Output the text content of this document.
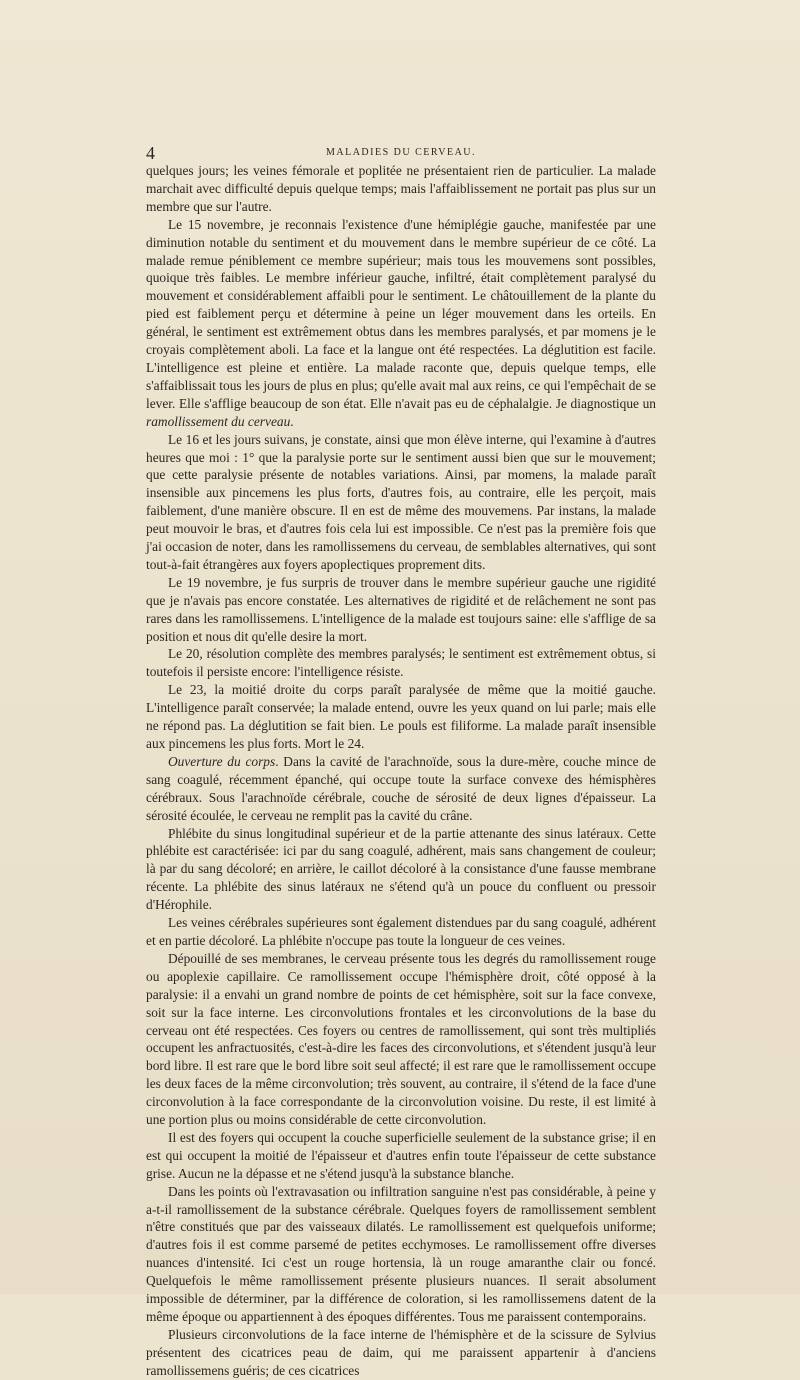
4	MALADIES DU CERVEAU.

quelques jours; les veines fémorale et poplitée ne présentaient rien de particulier. La malade marchait avec difficulté depuis quelque temps; mais l'affaiblissement ne portait pas plus sur un membre que sur l'autre.

Le 15 novembre, je reconnais l'existence d'une hémiplégie gauche, manifestée par une diminution notable du sentiment et du mouvement dans le membre supérieur de ce côté. La malade remue péniblement ce membre supérieur; mais tous les mouvemens sont possibles, quoique très faibles. Le membre inférieur gauche, infiltré, était complètement paralysé du mouvement et considérablement affaibli pour le sentiment. Le châtouillement de la plante du pied est faiblement perçu et détermine à peine un léger mouvement dans les orteils. En général, le sentiment est extrêmement obtus dans les membres paralysés, et par momens je le croyais complètement aboli. La face et la langue ont été respectées. La déglutition est facile. L'intelligence est pleine et entière. La malade raconte que, depuis quelque temps, elle s'affaiblissait tous les jours de plus en plus; qu'elle avait mal aux reins, ce qui l'empêchait de se lever. Elle s'afflige beaucoup de son état. Elle n'avait pas eu de céphalalgie. Je diagnostique un ramollissement du cerveau.

Le 16 et les jours suivans, je constate, ainsi que mon élève interne, qui l'examine à d'autres heures que moi : 1° que la paralysie porte sur le sentiment aussi bien que sur le mouvement; que cette paralysie présente de notables variations. Ainsi, par momens, la malade paraît insensible aux pincemens les plus forts, d'autres fois, au contraire, elle les perçoit, mais faiblement, d'une manière obscure. Il en est de même des mouvemens. Par instans, la malade peut mouvoir le bras, et d'autres fois cela lui est impossible. Ce n'est pas la première fois que j'ai occasion de noter, dans les ramollissemens du cerveau, de semblables alternatives, qui sont tout-à-fait étrangères aux foyers apoplectiques proprement dits.

Le 19 novembre, je fus surpris de trouver dans le membre supérieur gauche une rigidité que je n'avais pas encore constatée. Les alternatives de rigidité et de relâchement ne sont pas rares dans les ramollissemens. L'intelligence de la malade est toujours saine: elle s'afflige de sa position et nous dit qu'elle desire la mort.

Le 20, résolution complète des membres paralysés; le sentiment est extrêmement obtus, si toutefois il persiste encore: l'intelligence résiste.

Le 23, la moitié droite du corps paraît paralysée de même que la moitié gauche. L'intelligence paraît conservée; la malade entend, ouvre les yeux quand on lui parle; mais elle ne répond pas. La déglutition se fait bien. Le pouls est filiforme. La malade paraît insensible aux pincemens les plus forts. Mort le 24.

Ouverture du corps. Dans la cavité de l'arachnoïde, sous la dure-mère, couche mince de sang coagulé, récemment épanché, qui occupe toute la surface convexe des hémisphères cérébraux. Sous l'arachnoïde cérébrale, couche de sérosité de deux lignes d'épaisseur. La sérosité écoulée, le cerveau ne remplit pas la cavité du crâne.

Phlébite du sinus longitudinal supérieur et de la partie attenante des sinus latéraux. Cette phlébite est caractérisée: ici par du sang coagulé, adhérent, mais sans changement de couleur; là par du sang décoloré; en arrière, le caillot décoloré à la consistance d'une fausse membrane récente. La phlébite des sinus latéraux ne s'étend qu'à un pouce du confluent ou pressoir d'Hérophile.

Les veines cérébrales supérieures sont également distendues par du sang coagulé, adhérent et en partie décoloré. La phlébite n'occupe pas toute la longueur de ces veines.

Dépouillé de ses membranes, le cerveau présente tous les degrés du ramollissement rouge ou apoplexie capillaire. Ce ramollissement occupe l'hémisphère droit, côté opposé à la paralysie: il a envahi un grand nombre de points de cet hémisphère, soit sur la face convexe, soit sur la face interne. Les circonvolutions frontales et les circonvolutions de la base du cerveau ont été respectées. Ces foyers ou centres de ramollissement, qui sont très multipliés occupent les anfractuosités, c'est-à-dire les faces des circonvolutions, et s'étendent jusqu'à leur bord libre. Il est rare que le bord libre soit seul affecté; il est rare que le ramollissement occupe les deux faces de la même circonvolution; très souvent, au contraire, il s'étend de la face d'une circonvolution à la face correspondante de la circonvolution voisine. Du reste, il est limité à une portion plus ou moins considérable de cette circonvolution.

Il est des foyers qui occupent la couche superficielle seulement de la substance grise; il en est qui occupent la moitié de l'épaisseur et d'autres enfin toute l'épaisseur de cette substance grise. Aucun ne la dépasse et ne s'étend jusqu'à la substance blanche.

Dans les points où l'extravasation ou infiltration sanguine n'est pas considérable, à peine y a-t-il ramollissement de la substance cérébrale. Quelques foyers de ramollissement semblent n'être constitués que par des vaisseaux dilatés. Le ramollissement est quelquefois uniforme; d'autres fois il est comme parsemé de petites ecchymoses. Le ramollissement offre diverses nuances d'intensité. Ici c'est un rouge hortensia, là un rouge amaranthe clair ou foncé. Quelquefois le même ramollissement présente plusieurs nuances. Il serait absolument impossible de déterminer, par la différence de coloration, si les ramollissemens datent de la même époque ou appartiennent à des époques différentes. Tous me paraissent contemporains.

Plusieurs circonvolutions de la face interne de l'hémisphère et de la scissure de Sylvius présentent des cicatrices peau de daim, qui me paraissent appartenir à d'anciens ramollissemens guéris; de ces cicatrices
